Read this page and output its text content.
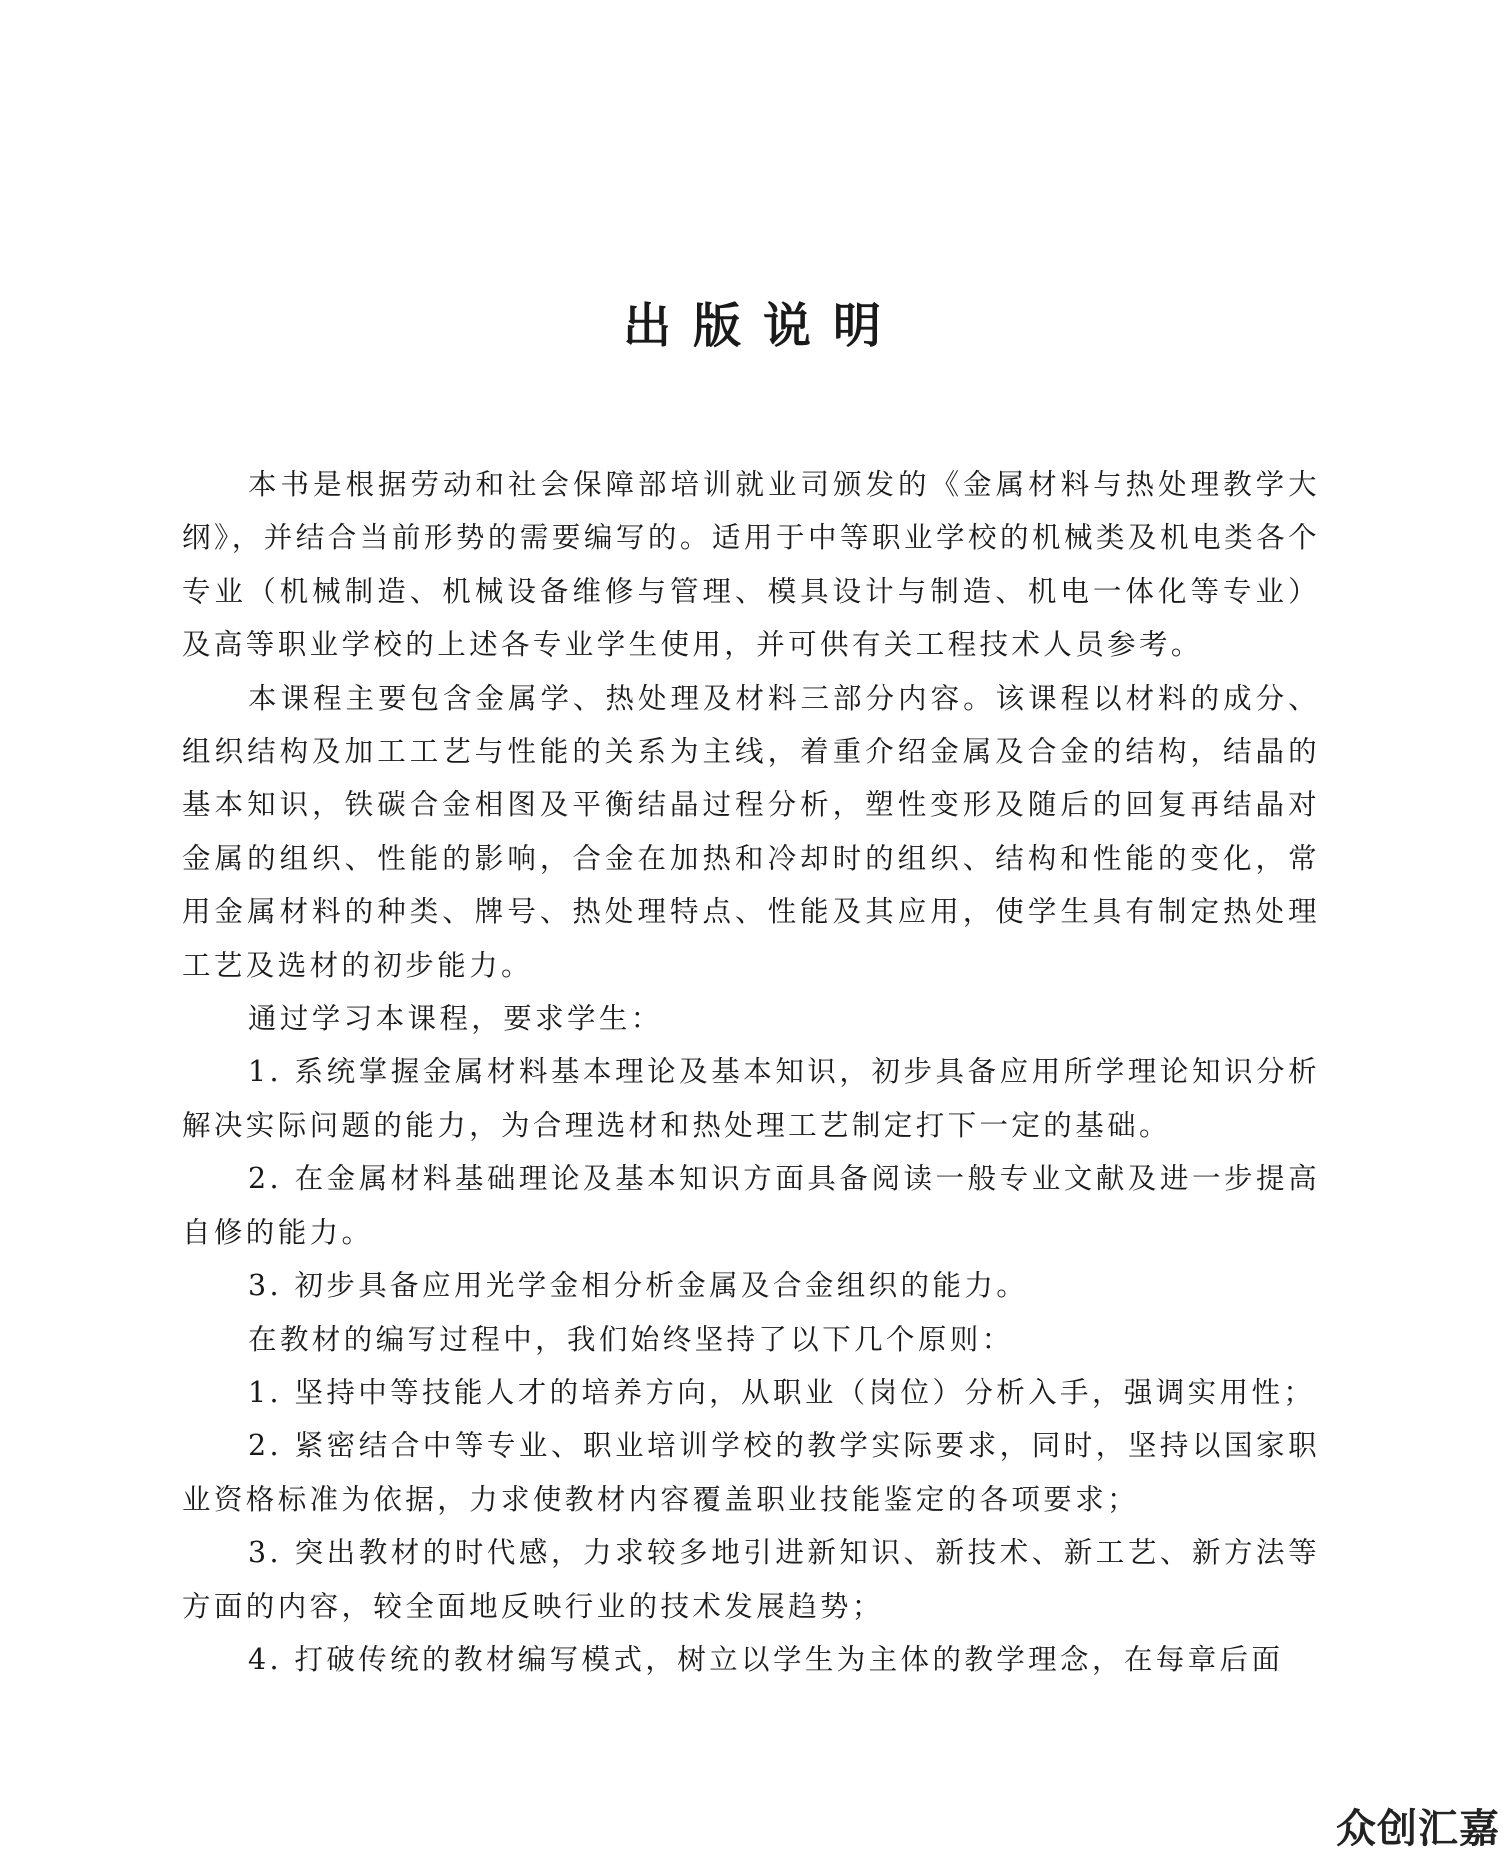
出版说明

本书是根据劳动和社会保障部培训就业司颁发的《金属材料与热处理教学大纲》，并结合当前形势的需要编写的。适用于中等职业学校的机械类及机电类各个专业（机械制造、机械设备维修与管理、模具设计与制造、机电一体化等专业）及高等职业学校的上述各专业学生使用，并可供有关工程技术人员参考。

本课程主要包含金属学、热处理及材料三部分内容。该课程以材料的成分、组织结构及加工工艺与性能的关系为主线，着重介绍金属及合金的结构，结晶的基本知识，铁碳合金相图及平衡结晶过程分析，塑性变形及随后的回复再结晶对金属的组织、性能的影响，合金在加热和冷却时的组织、结构和性能的变化，常用金属材料的种类、牌号、热处理特点、性能及其应用，使学生具有制定热处理工艺及选材的初步能力。

通过学习本课程，要求学生：

1. 系统掌握金属材料基本理论及基本知识，初步具备应用所学理论知识分析解决实际问题的能力，为合理选材和热处理工艺制定打下一定的基础。

2. 在金属材料基础理论及基本知识方面具备阅读一般专业文献及进一步提高自修的能力。

3. 初步具备应用光学金相分析金属及合金组织的能力。

在教材的编写过程中，我们始终坚持了以下几个原则：

1. 坚持中等技能人才的培养方向，从职业（岗位）分析入手，强调实用性；

2. 紧密结合中等专业、职业培训学校的教学实际要求，同时，坚持以国家职业资格标准为依据，力求使教材内容覆盖职业技能鉴定的各项要求；

3. 突出教材的时代感，力求较多地引进新知识、新技术、新工艺、新方法等方面的内容，较全面地反映行业的技术发展趋势；

4. 打破传统的教材编写模式，树立以学生为主体的教学理念，在每章后面

众创汇嘉
